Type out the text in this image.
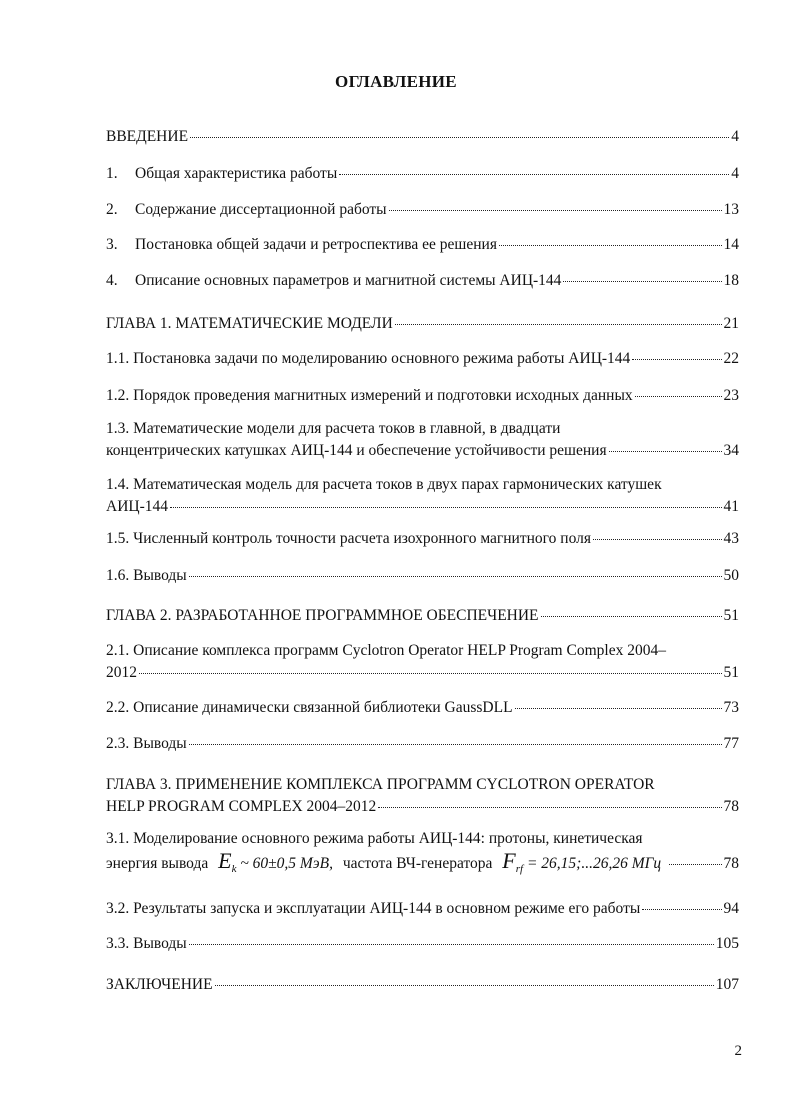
ОГЛАВЛЕНИЕ
ВВЕДЕНИЕ	4
1. Общая характеристика работы	4
2. Содержание диссертационной работы	13
3. Постановка общей задачи и ретроспектива ее решения	14
4. Описание основных параметров и магнитной системы АИЦ-144	18
ГЛАВА 1. МАТЕМАТИЧЕСКИЕ МОДЕЛИ	21
1.1. Постановка задачи по моделированию основного режима работы АИЦ-144	22
1.2. Порядок проведения магнитных измерений и подготовки исходных данных	23
1.3. Математические модели для расчета токов в главной, в двадцати
концентрических катушках АИЦ-144 и обеспечение устойчивости решения	34
1.4. Математическая модель для расчета токов в двух парах гармонических катушек
АИЦ-144	41
1.5. Численный контроль точности расчета изохронного магнитного поля	43
1.6. Выводы	50
ГЛАВА 2. РАЗРАБОТАННОЕ ПРОГРАММНОЕ ОБЕСПЕЧЕНИЕ	51
2.1. Описание комплекса программ Cyclotron Operator HELP Program Complex 2004–
2012	51
2.2. Описание динамически связанной библиотеки GaussDLL	73
2.3. Выводы	77
ГЛАВА 3. ПРИМЕНЕНИЕ КОМПЛЕКСА ПРОГРАММ CYCLOTRON OPERATOR
HELP PROGRAM COMPLEX 2004–2012	78
3.1. Моделирование основного режима работы АИЦ-144: протоны, кинетическая
энергия вывода $E_k$ ~ 60±0,5 МэВ, частота ВЧ-генератора $F_{rf}$ = 26,15;...26,26 МГц	78
3.2. Результаты запуска и эксплуатации АИЦ-144 в основном режиме его работы	94
3.3. Выводы	105
ЗАКЛЮЧЕНИЕ	107
2
